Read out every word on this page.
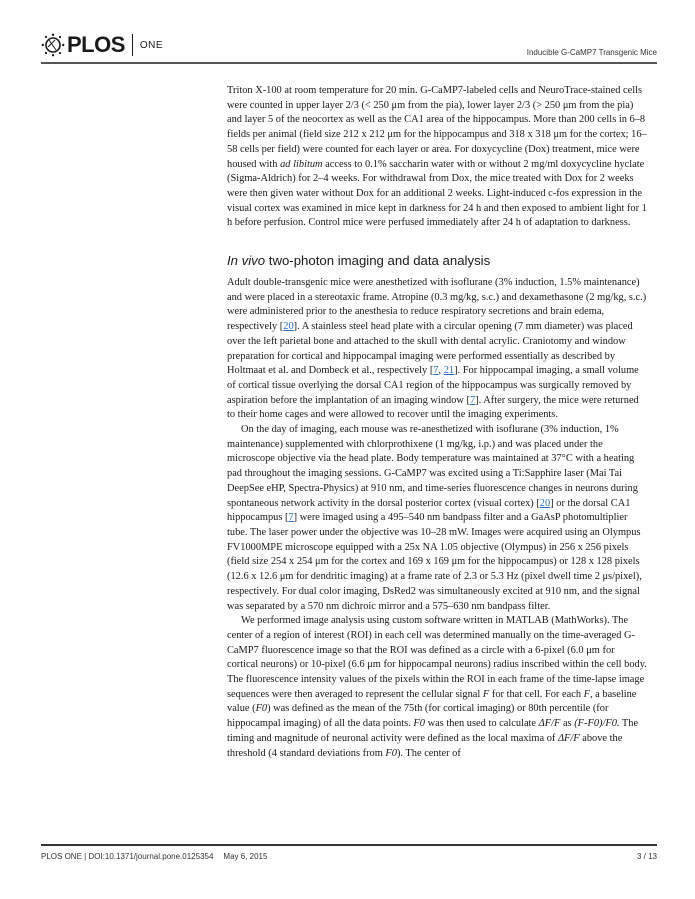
PLOS ONE
Inducible G-CaMP7 Transgenic Mice

Triton X-100 at room temperature for 20 min. G-CaMP7-labeled cells and NeuroTrace-stained cells were counted in upper layer 2/3 (< 250 μm from the pia), lower layer 2/3 (> 250 μm from the pia) and layer 5 of the neocortex as well as the CA1 area of the hippocampus. More than 200 cells in 6–8 fields per animal (field size 212 x 212 μm for the hippocampus and 318 x 318 μm for the cortex; 16–58 cells per field) were counted for each layer or area. For doxycycline (Dox) treatment, mice were housed with ad libitum access to 0.1% saccharin water with or without 2 mg/ml doxycycline hyclate (Sigma-Aldrich) for 2–4 weeks. For withdrawal from Dox, the mice treated with Dox for 2 weeks were then given water without Dox for an additional 2 weeks. Light-induced c-fos expression in the visual cortex was examined in mice kept in darkness for 24 h and then exposed to ambient light for 1 h before perfusion. Control mice were perfused immediately after 24 h of adaptation to darkness.

In vivo two-photon imaging and data analysis

Adult double-transgenic mice were anesthetized with isoflurane (3% induction, 1.5% maintenance) and were placed in a stereotaxic frame. Atropine (0.3 mg/kg, s.c.) and dexamethasone (2 mg/kg, s.c.) were administered prior to the anesthesia to reduce respiratory secretions and brain edema, respectively [20]. A stainless steel head plate with a circular opening (7 mm diameter) was placed over the left parietal bone and attached to the skull with dental acrylic. Craniotomy and window preparation for cortical and hippocampal imaging were performed essentially as described by Holtmaat et al. and Dombeck et al., respectively [7, 21]. For hippocampal imaging, a small volume of cortical tissue overlying the dorsal CA1 region of the hippocampus was surgically removed by aspiration before the implantation of an imaging window [7]. After surgery, the mice were returned to their home cages and were allowed to recover until the imaging experiments.

On the day of imaging, each mouse was re-anesthetized with isoflurane (3% induction, 1% maintenance) supplemented with chlorprothixene (1 mg/kg, i.p.) and was placed under the microscope objective via the head plate. Body temperature was maintained at 37°C with a heating pad throughout the imaging sessions. G-CaMP7 was excited using a Ti:Sapphire laser (Mai Tai DeepSee eHP, Spectra-Physics) at 910 nm, and time-series fluorescence changes in neurons during spontaneous network activity in the dorsal posterior cortex (visual cortex) [20] or the dorsal CA1 hippocampus [7] were imaged using a 495–540 nm bandpass filter and a GaAsP photomultiplier tube. The laser power under the objective was 10–28 mW. Images were acquired using an Olympus FV1000MPE microscope equipped with a 25x NA 1.05 objective (Olympus) in 256 x 256 pixels (field size 254 x 254 μm for the cortex and 169 x 169 μm for the hippocampus) or 128 x 128 pixels (12.6 x 12.6 μm for dendritic imaging) at a frame rate of 2.3 or 5.3 Hz (pixel dwell time 2 μs/pixel), respectively. For dual color imaging, DsRed2 was simultaneously excited at 910 nm, and the signal was separated by a 570 nm dichroic mirror and a 575–630 nm bandpass filter.

We performed image analysis using custom software written in MATLAB (MathWorks). The center of a region of interest (ROI) in each cell was determined manually on the time-averaged G-CaMP7 fluorescence image so that the ROI was defined as a circle with a 6-pixel (6.0 μm for cortical neurons) or 10-pixel (6.6 μm for hippocampal neurons) radius inscribed within the cell body. The fluorescence intensity values of the pixels within the ROI in each frame of the time-lapse image sequences were then averaged to represent the cellular signal F for that cell. For each F, a baseline value (F0) was defined as the mean of the 75th (for cortical imaging) or 80th percentile (for hippocampal imaging) of all the data points. F0 was then used to calculate ΔF/F as (F-F0)/F0. The timing and magnitude of neuronal activity were defined as the local maxima of ΔF/F above the threshold (4 standard deviations from F0). The center of

PLOS ONE | DOI:10.1371/journal.pone.0125354 May 6, 2015	3 / 13
